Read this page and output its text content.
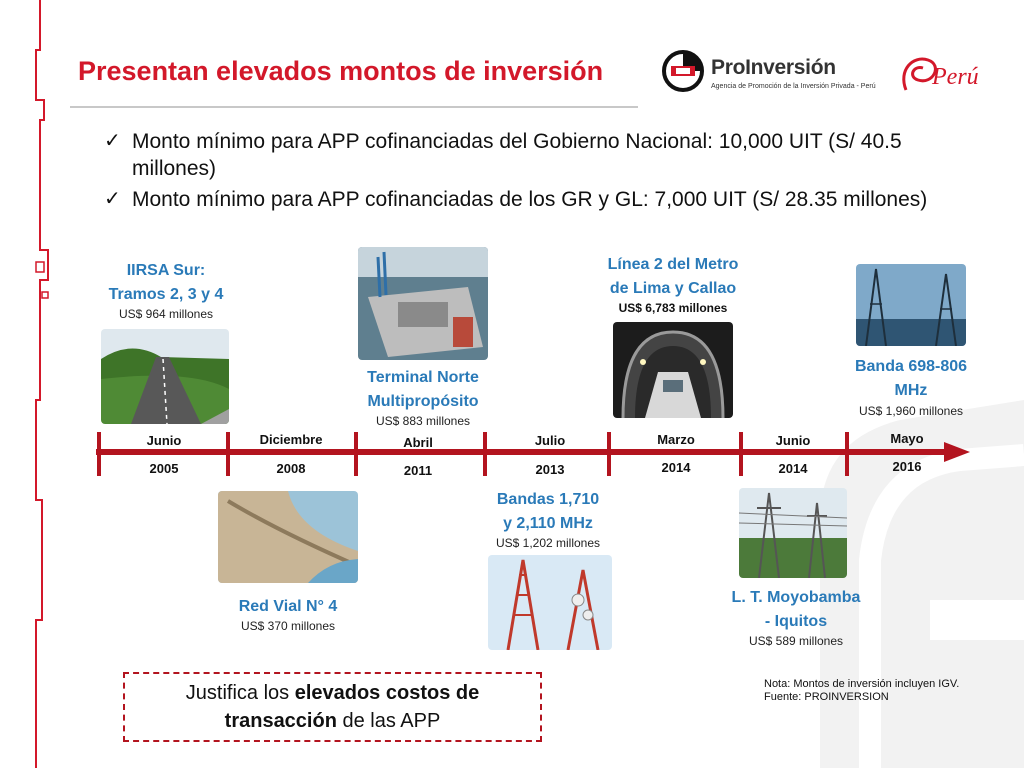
Presentan elevados montos de inversión	ProInversión
Agencia de Promoción de la Inversión Privada - Perú Perú
✓ Monto mínimo para APP cofinanciadas del Gobierno Nacional: 10,000 UIT (S/ 40.5 millones)
✓ Monto mínimo para APP cofinanciadas de los GR y GL: 7,000 UIT (S/ 28.35 millones)
IIRSA Sur:
Tramos 2, 3 y 4
US$ 964 millones
Red Vial N° 4
US$ 370 millones
Terminal Norte
Multipropósito
US$ 883 millones
Bandas 1,710
y 2,110 MHz
US$ 1,202 millones
Línea 2 del Metro
de Lima y Callao
US$ 6,783 millones
L. T. Moyobamba
- Iquitos
US$ 589 millones
Banda 698-806
MHz
US$ 1,960 millones
Junio
2005
Diciembre
2008
Abril
2011
Julio
2013
Marzo
2014
Junio
2014
Mayo
2016
Justifica los elevados costos de
transacción de las APP
Nota: Montos de inversión incluyen IGV.
Fuente: PROINVERSION
